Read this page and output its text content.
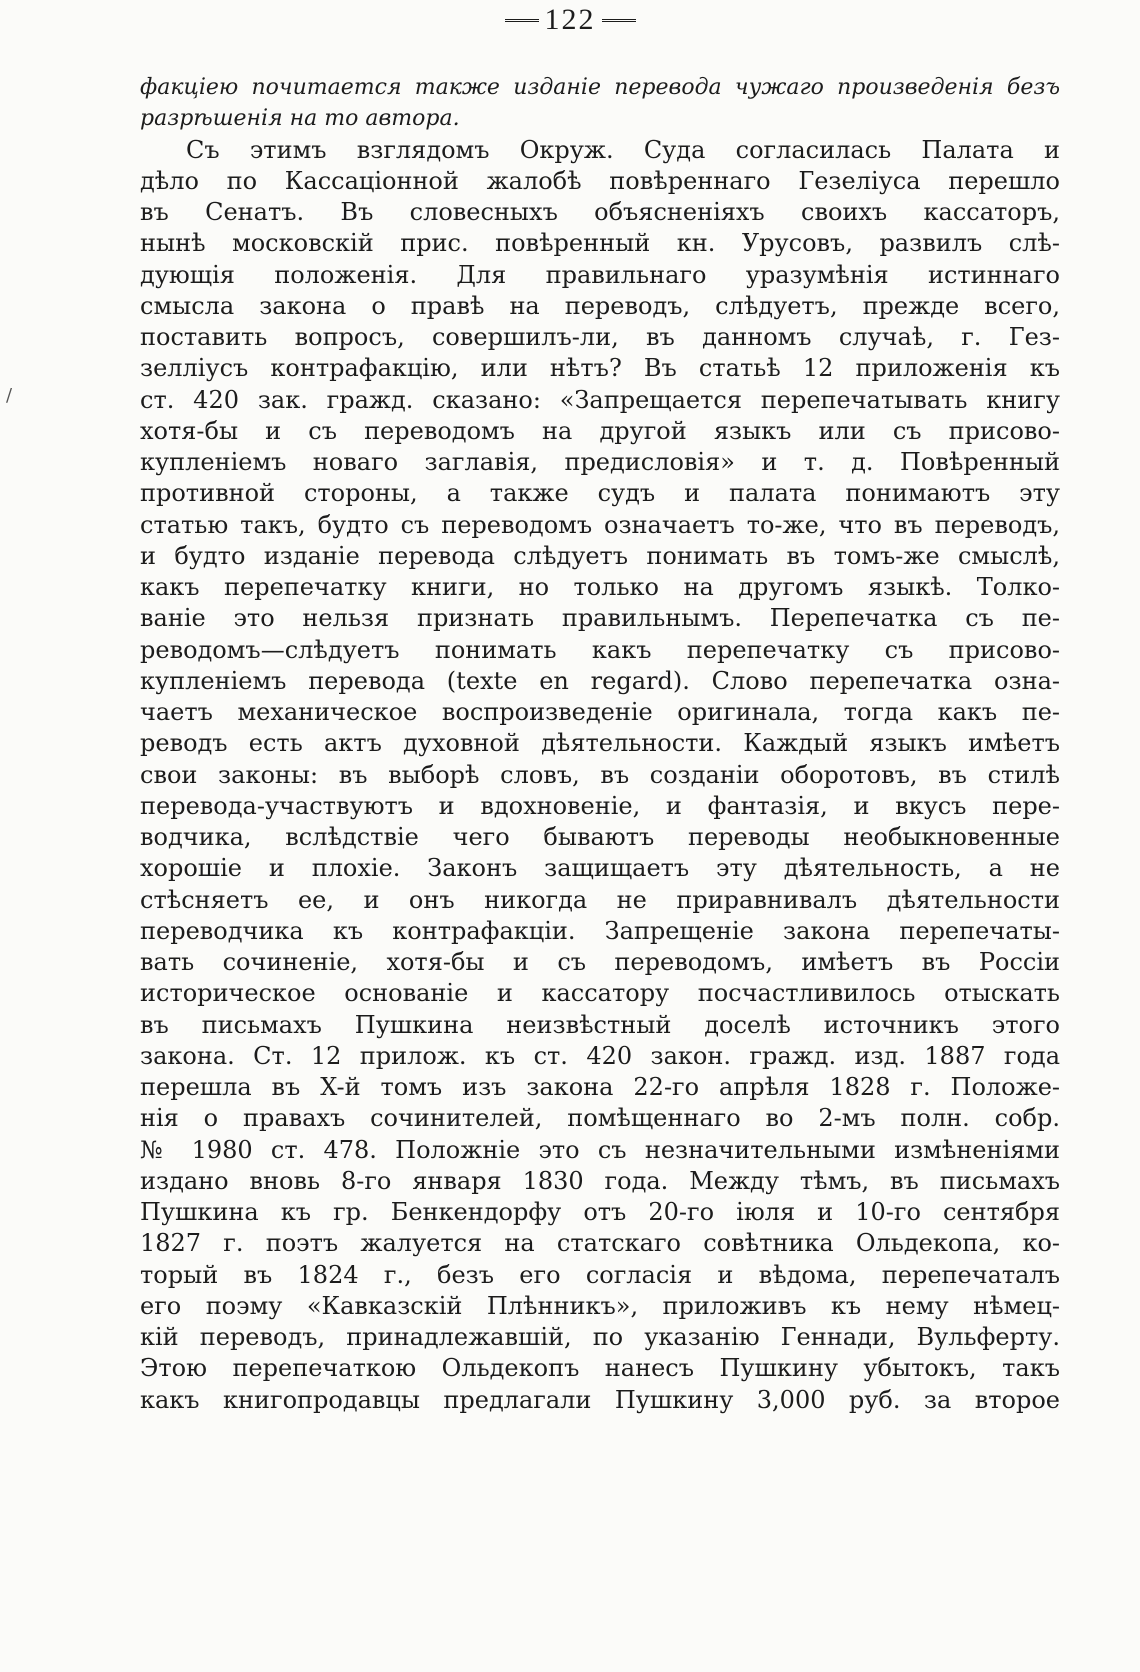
122
факцiею почитается также изданiе перевода чужаго произведенiя безъ
разрѣшенiя на то автора.
Съ этимъ взглядомъ Окруж. Суда согласилась Палата и
дѣло по Кассацiонной жалобѣ повѣреннаго Гезелiуса перешло
въ Сенатъ. Въ словесныхъ объясненiяхъ своихъ кассаторъ,
нынѣ московскiй прис. повѣренный кн. Урусовъ, развилъ слѣ-
дующiя положенiя. Для правильнаго уразумѣнiя истиннаго
смысла закона о правѣ на переводъ, слѣдуетъ, прежде всего,
поставить вопросъ, совершилъ-ли, въ данномъ случаѣ, г. Гез-
зеллiусъ контрафакцiю, или нѣтъ? Въ статьѣ 12 приложенiя къ
ст. 420 зак. гражд. сказано: «Запрещается перепечатывать книгу
хотя-бы и съ переводомъ на другой языкъ или съ присово-
купленiемъ новаго заглавiя, предисловiя» и т. д. Повѣренный
противной стороны, а также судъ и палата понимаютъ эту
статью такъ, будто съ переводомъ означаетъ то-же, что въ переводъ,
и будто изданiе перевода слѣдуетъ понимать въ томъ-же смыслѣ,
какъ перепечатку книги, но только на другомъ языкѣ. Толко-
ванiе это нельзя признать правильнымъ. Перепечатка съ пе-
реводомъ—слѣдуетъ понимать какъ перепечатку съ присово-
купленiемъ перевода (texte en regard). Слово перепечатка озна-
чаетъ механическое воспроизведенiе оригинала, тогда какъ пе-
реводъ есть актъ духовной дѣятельности. Каждый языкъ имѣетъ
свои законы: въ выборѣ словъ, въ созданiи оборотовъ, въ стилѣ
перевода-участвуютъ и вдохновенiе, и фантазiя, и вкусъ пере-
водчика, вслѣдствiе чего бываютъ переводы необыкновенные
хорошiе и плохiе. Законъ защищаетъ эту дѣятельность, а не
стѣсняетъ ее, и онъ никогда не приравнивалъ дѣятельности
переводчика къ контрафакцiи. Запрещенiе закона перепечаты-
вать сочиненiе, хотя-бы и съ переводомъ, имѣетъ въ Россiи
историческое основанiе и кассатору посчастливилось отыскать
въ письмахъ Пушкина неизвѣстный доселѣ источникъ этого
закона. Ст. 12 прилож. къ ст. 420 закон. гражд. изд. 1887 года
перешла въ X-й томъ изъ закона 22-го апрѣля 1828 г. Положе-
нiя о правахъ сочинителей, помѣщеннаго во 2-мъ полн. собр.
№ 1980 ст. 478. Положнiе это съ незначительными измѣненiями
издано вновь 8-го января 1830 года. Между тѣмъ, въ письмахъ
Пушкина къ гр. Бенкендорфу отъ 20-го iюля и 10-го сентября
1827 г. поэтъ жалуется на статскаго совѣтника Ольдекопа, ко-
торый въ 1824 г., безъ его согласiя и вѣдома, перепечаталъ
его поэму «Кавказскiй Плѣнникъ», приложивъ къ нему нѣмец-
кiй переводъ, принадлежавшiй, по указанiю Геннади, Вульферту.
Этою перепечаткою Ольдекопъ нанесъ Пушкину убытокъ, такъ
какъ книгопродавцы предлагали Пушкину 3,000 руб. за второе
/
